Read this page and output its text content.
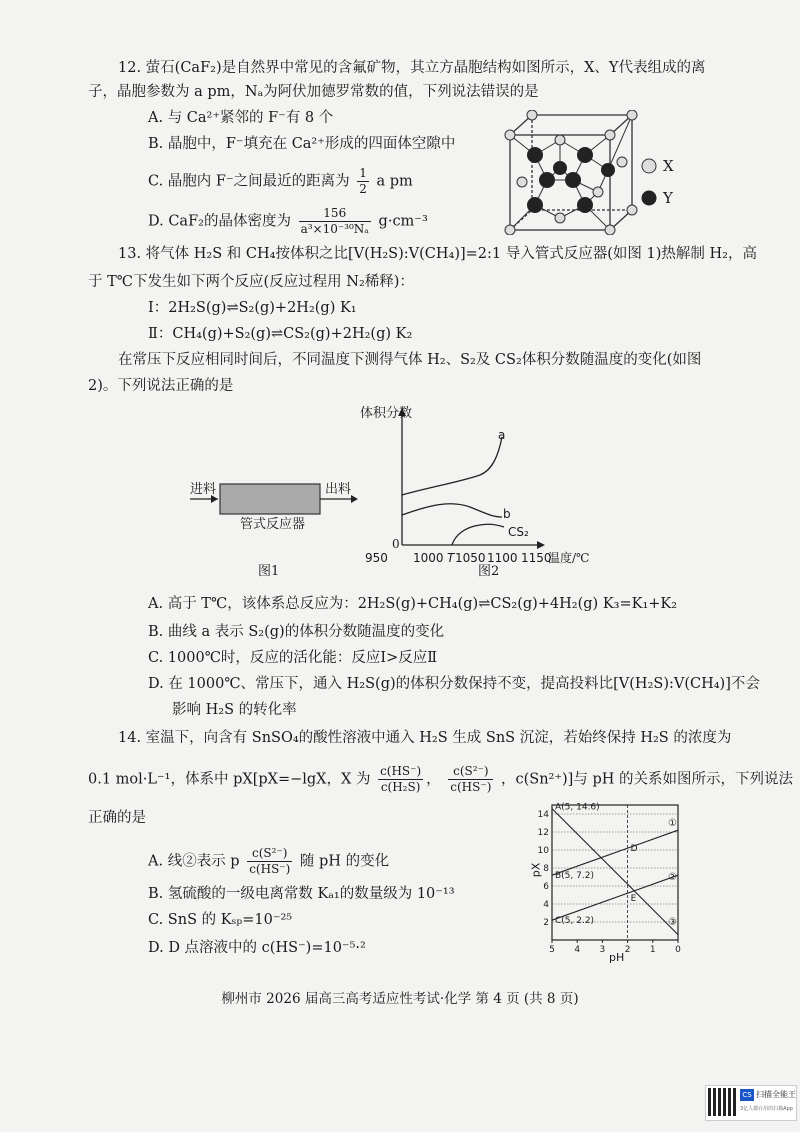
12. 萤石(CaF₂)是自然界中常见的含氟矿物，其立方晶胞结构如图所示，X、Y代表组成的离
子，晶胞参数为 a pm，Nₐ为阿伏加德罗常数的值，下列说法错误的是
A. 与 Ca²⁺紧邻的 F⁻有 8 个
B. 晶胞中，F⁻填充在 Ca²⁺形成的四面体空隙中
C. 晶胞内 F⁻之间最近的距离为 $\frac{1}{2}$ a pm
D. CaF₂的晶体密度为 $\frac{156}{\text{a³×10⁻³⁰Nₐ}} g\cdot cm^{-3}$
X
Y
13. 将气体 H₂S 和 CH₄按体积之比[V(H₂S):V(CH₄)]=2:1 导入管式反应器(如图 1)热解制 H₂，高
于 T℃下发生如下两个反应(反应过程用 N₂稀释)：
Ⅰ：2H₂S(g)⇌S₂(g)+2H₂(g) K₁
Ⅱ：CH₄(g)+S₂(g)⇌CS₂(g)+2H₂(g) K₂
在常压下反应相同时间后，不同温度下测得气体 H₂、S₂及 CS₂体积分数随温度的变化(如图
2)。下列说法正确的是
进料	出料
管式反应器
图1
体积分数
a
b
CS₂
0
950 1000 T 1050 1100 1150
温度/℃
图2
A. 高于 T℃，该体系总反应为：2H₂S(g)+CH₄(g)⇌CS₂(g)+4H₂(g) K₃=K₁+K₂
B. 曲线 a 表示 S₂(g)的体积分数随温度的变化
C. 1000℃时，反应的活化能：反应Ⅰ>反应Ⅱ
D. 在 1000℃、常压下，通入 H₂S(g)的体积分数保持不变，提高投料比[V(H₂S):V(CH₄)]不会
影响 H₂S 的转化率
14. 室温下，向含有 SnSO₄的酸性溶液中通入 H₂S 生成 SnS 沉淀，若始终保持 H₂S 的浓度为
0.1 mol·L⁻¹，体系中 pX[pX=−lgX，X 为 $\frac{c(HS^-)}{\text{c(H₂S)}}$ ， $\frac{\text{c(S²⁻)}}{c(HS^-)}$ ，c(Sn²⁺)]与 pH 的关系如图所示，下列说法
正确的是
A. 线②表示 p $\frac{\text{c(S²⁻)}}{c(HS^-)}$ 随 pH 的变化
B. 氢硫酸的一级电离常数 Kₐ₁的数量级为 10⁻¹³
C. SnS 的 Kₛₚ=10⁻²⁵
D. D 点溶液中的 c(HS⁻)=10⁻⁵·²
14
12
10
8
6
4
2
5 4 3 2 1 0
①
②
③
A(5, 14.6)
B(5, 7.2)
C(5, 2.2)
D
E
pX
pH
柳州市 2026 届高三高考适应性考试·化学 第 4 页 (共 8 页)
CS 扫描全能王
3亿人都在用的扫描App
